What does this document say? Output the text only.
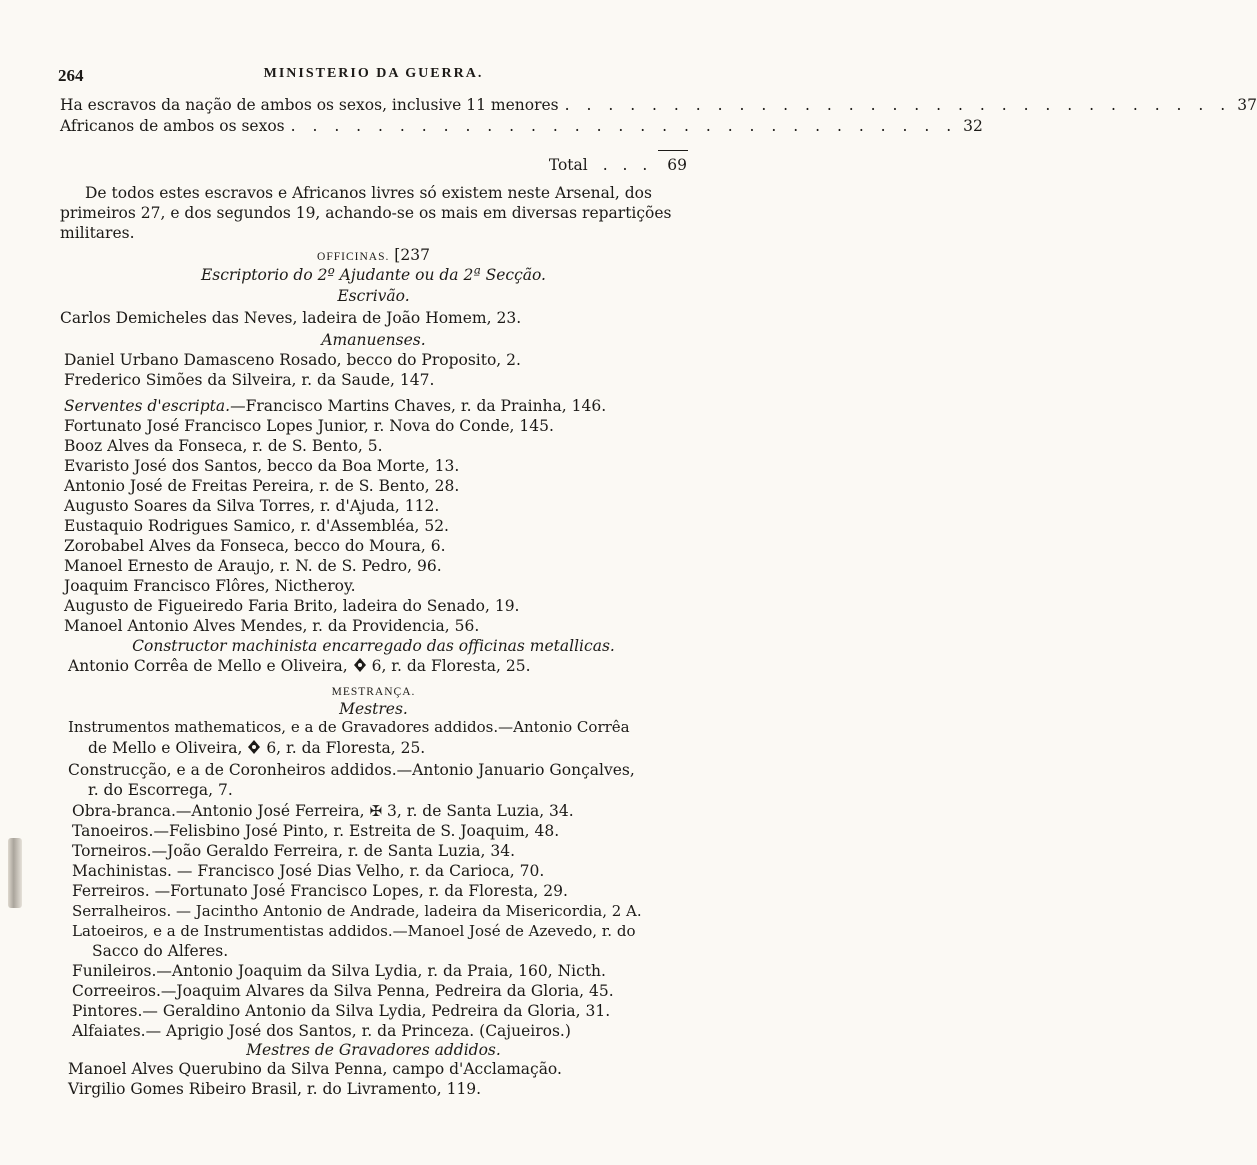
264	MINISTERIO DA GUERRA.
Ha escravos da nação de ambos os sexos, inclusive 11 menores . . . . . . . . . . . . . . . . . . . . . . . . . . . . . . . 37
Africanos de ambos os sexos . . . . . . . . . . . . . . . . . . . . . . . . . . . . . . . 32
Total . . . 69
De todos estes escravos e Africanos livres só existem neste Arsenal, dos
primeiros 27, e dos segundos 19, achando-se os mais em diversas repartições
militares.
OFFICINAS. [237
Escriptorio do 2º Ajudante ou da 2ª Secção.
Escrivão.
Carlos Demicheles das Neves, ladeira de João Homem, 23.
Amanuenses.
Daniel Urbano Damasceno Rosado, becco do Proposito, 2.
Frederico Simões da Silveira, r. da Saude, 147.
Serventes d'escripta.—Francisco Martins Chaves, r. da Prainha, 146.
Fortunato José Francisco Lopes Junior, r. Nova do Conde, 145.
Booz Alves da Fonseca, r. de S. Bento, 5.
Evaristo José dos Santos, becco da Boa Morte, 13.
Antonio José de Freitas Pereira, r. de S. Bento, 28.
Augusto Soares da Silva Torres, r. d'Ajuda, 112.
Eustaquio Rodrigues Samico, r. d'Assembléa, 52.
Zorobabel Alves da Fonseca, becco do Moura, 6.
Manoel Ernesto de Araujo, r. N. de S. Pedro, 96.
Joaquim Francisco Flôres, Nictheroy.
Augusto de Figueiredo Faria Brito, ladeira do Senado, 19.
Manoel Antonio Alves Mendes, r. da Providencia, 56.
Constructor machinista encarregado das officinas metallicas.
Antonio Corrêa de Mello e Oliveira, 6, r. da Floresta, 25.
MESTRANÇA.
Mestres.
Instrumentos mathematicos, e a de Gravadores addidos.—Antonio Corrêa
de Mello e Oliveira, 6, r. da Floresta, 25.
Construcção, e a de Coronheiros addidos.—Antonio Januario Gonçalves,
r. do Escorrega, 7.
Obra-branca.—Antonio José Ferreira, ✠ 3, r. de Santa Luzia, 34.
Tanoeiros.—Felisbino José Pinto, r. Estreita de S. Joaquim, 48.
Torneiros.—João Geraldo Ferreira, r. de Santa Luzia, 34.
Machinistas. — Francisco José Dias Velho, r. da Carioca, 70.
Ferreiros. —Fortunato José Francisco Lopes, r. da Floresta, 29.
Serralheiros. — Jacintho Antonio de Andrade, ladeira da Misericordia, 2 A.
Latoeiros, e a de Instrumentistas addidos.—Manoel José de Azevedo, r. do
Sacco do Alferes.
Funileiros.—Antonio Joaquim da Silva Lydia, r. da Praia, 160, Nicth.
Correeiros.—Joaquim Alvares da Silva Penna, Pedreira da Gloria, 45.
Pintores.— Geraldino Antonio da Silva Lydia, Pedreira da Gloria, 31.
Alfaiates.— Aprigio José dos Santos, r. da Princeza. (Cajueiros.)
Mestres de Gravadores addidos.
Manoel Alves Querubino da Silva Penna, campo d'Acclamação.
Virgilio Gomes Ribeiro Brasil, r. do Livramento, 119.
